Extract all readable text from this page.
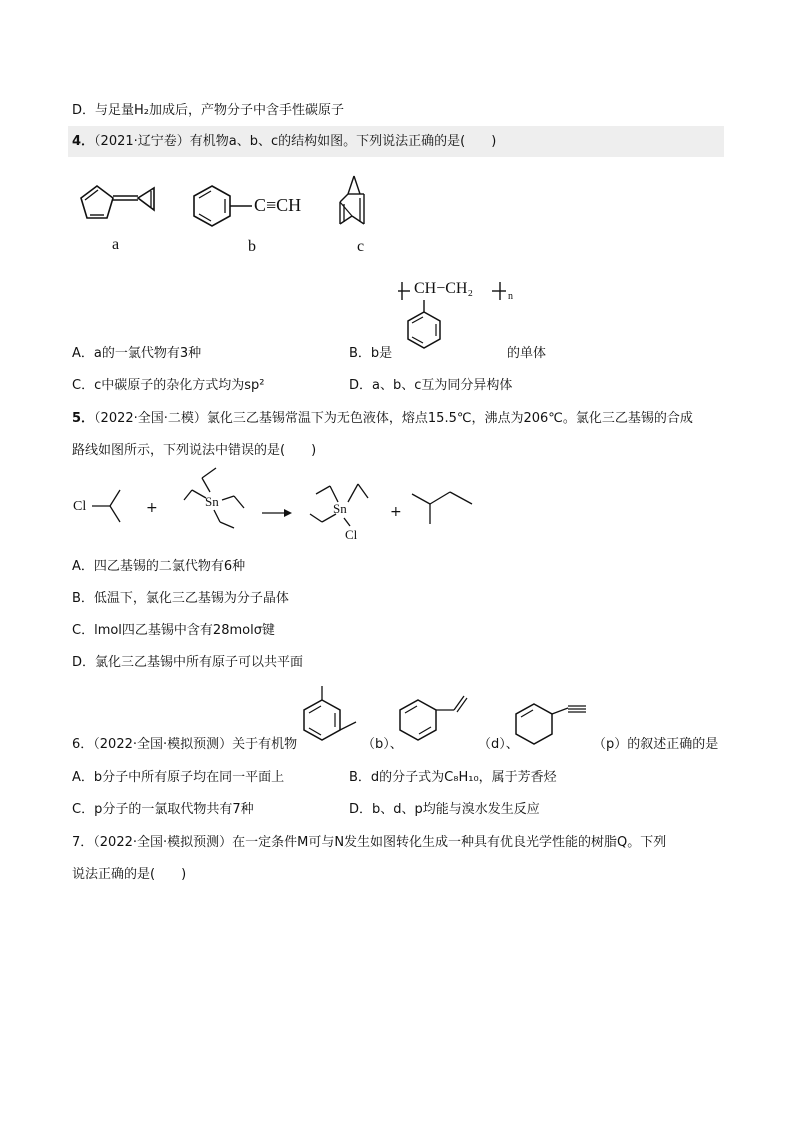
D．与足量H₂加成后，产物分子中含手性碳原子
4．（2021·辽宁卷）有机物a、b、c的结构如图。下列说法正确的是(　　)
a
C≡CH
b	c
CH−CH₂	n
A．a的一氯代物有3种	B．b是	的单体
C．c中碳原子的杂化方式均为sp²	D．a、b、c互为同分异构体
5．（2022·全国·二模）氯化三乙基锡常温下为无色液体，熔点15.5℃，沸点为206℃。氯化三乙基锡的合成
路线如图所示，下列说法中错误的是(　　)
Cl	+	Sn	Sn
Cl
+
A．四乙基锡的二氯代物有6种
B．低温下，氯化三乙基锡为分子晶体
C．lmol四乙基锡中含有28molσ键
D．氯化三乙基锡中所有原子可以共平面
6．（2022·全国·模拟预测）关于有机物	（b）、	（d）、	（p）的叙述正确的是
A．b分子中所有原子均在同一平面上	B．d的分子式为C₈H₁₀，属于芳香烃
C．p分子的一氯取代物共有7种	D．b、d、p均能与溴水发生反应
7．（2022·全国·模拟预测）在一定条件M可与N发生如图转化生成一种具有优良光学性能的树脂Q。下列
说法正确的是(　　)
